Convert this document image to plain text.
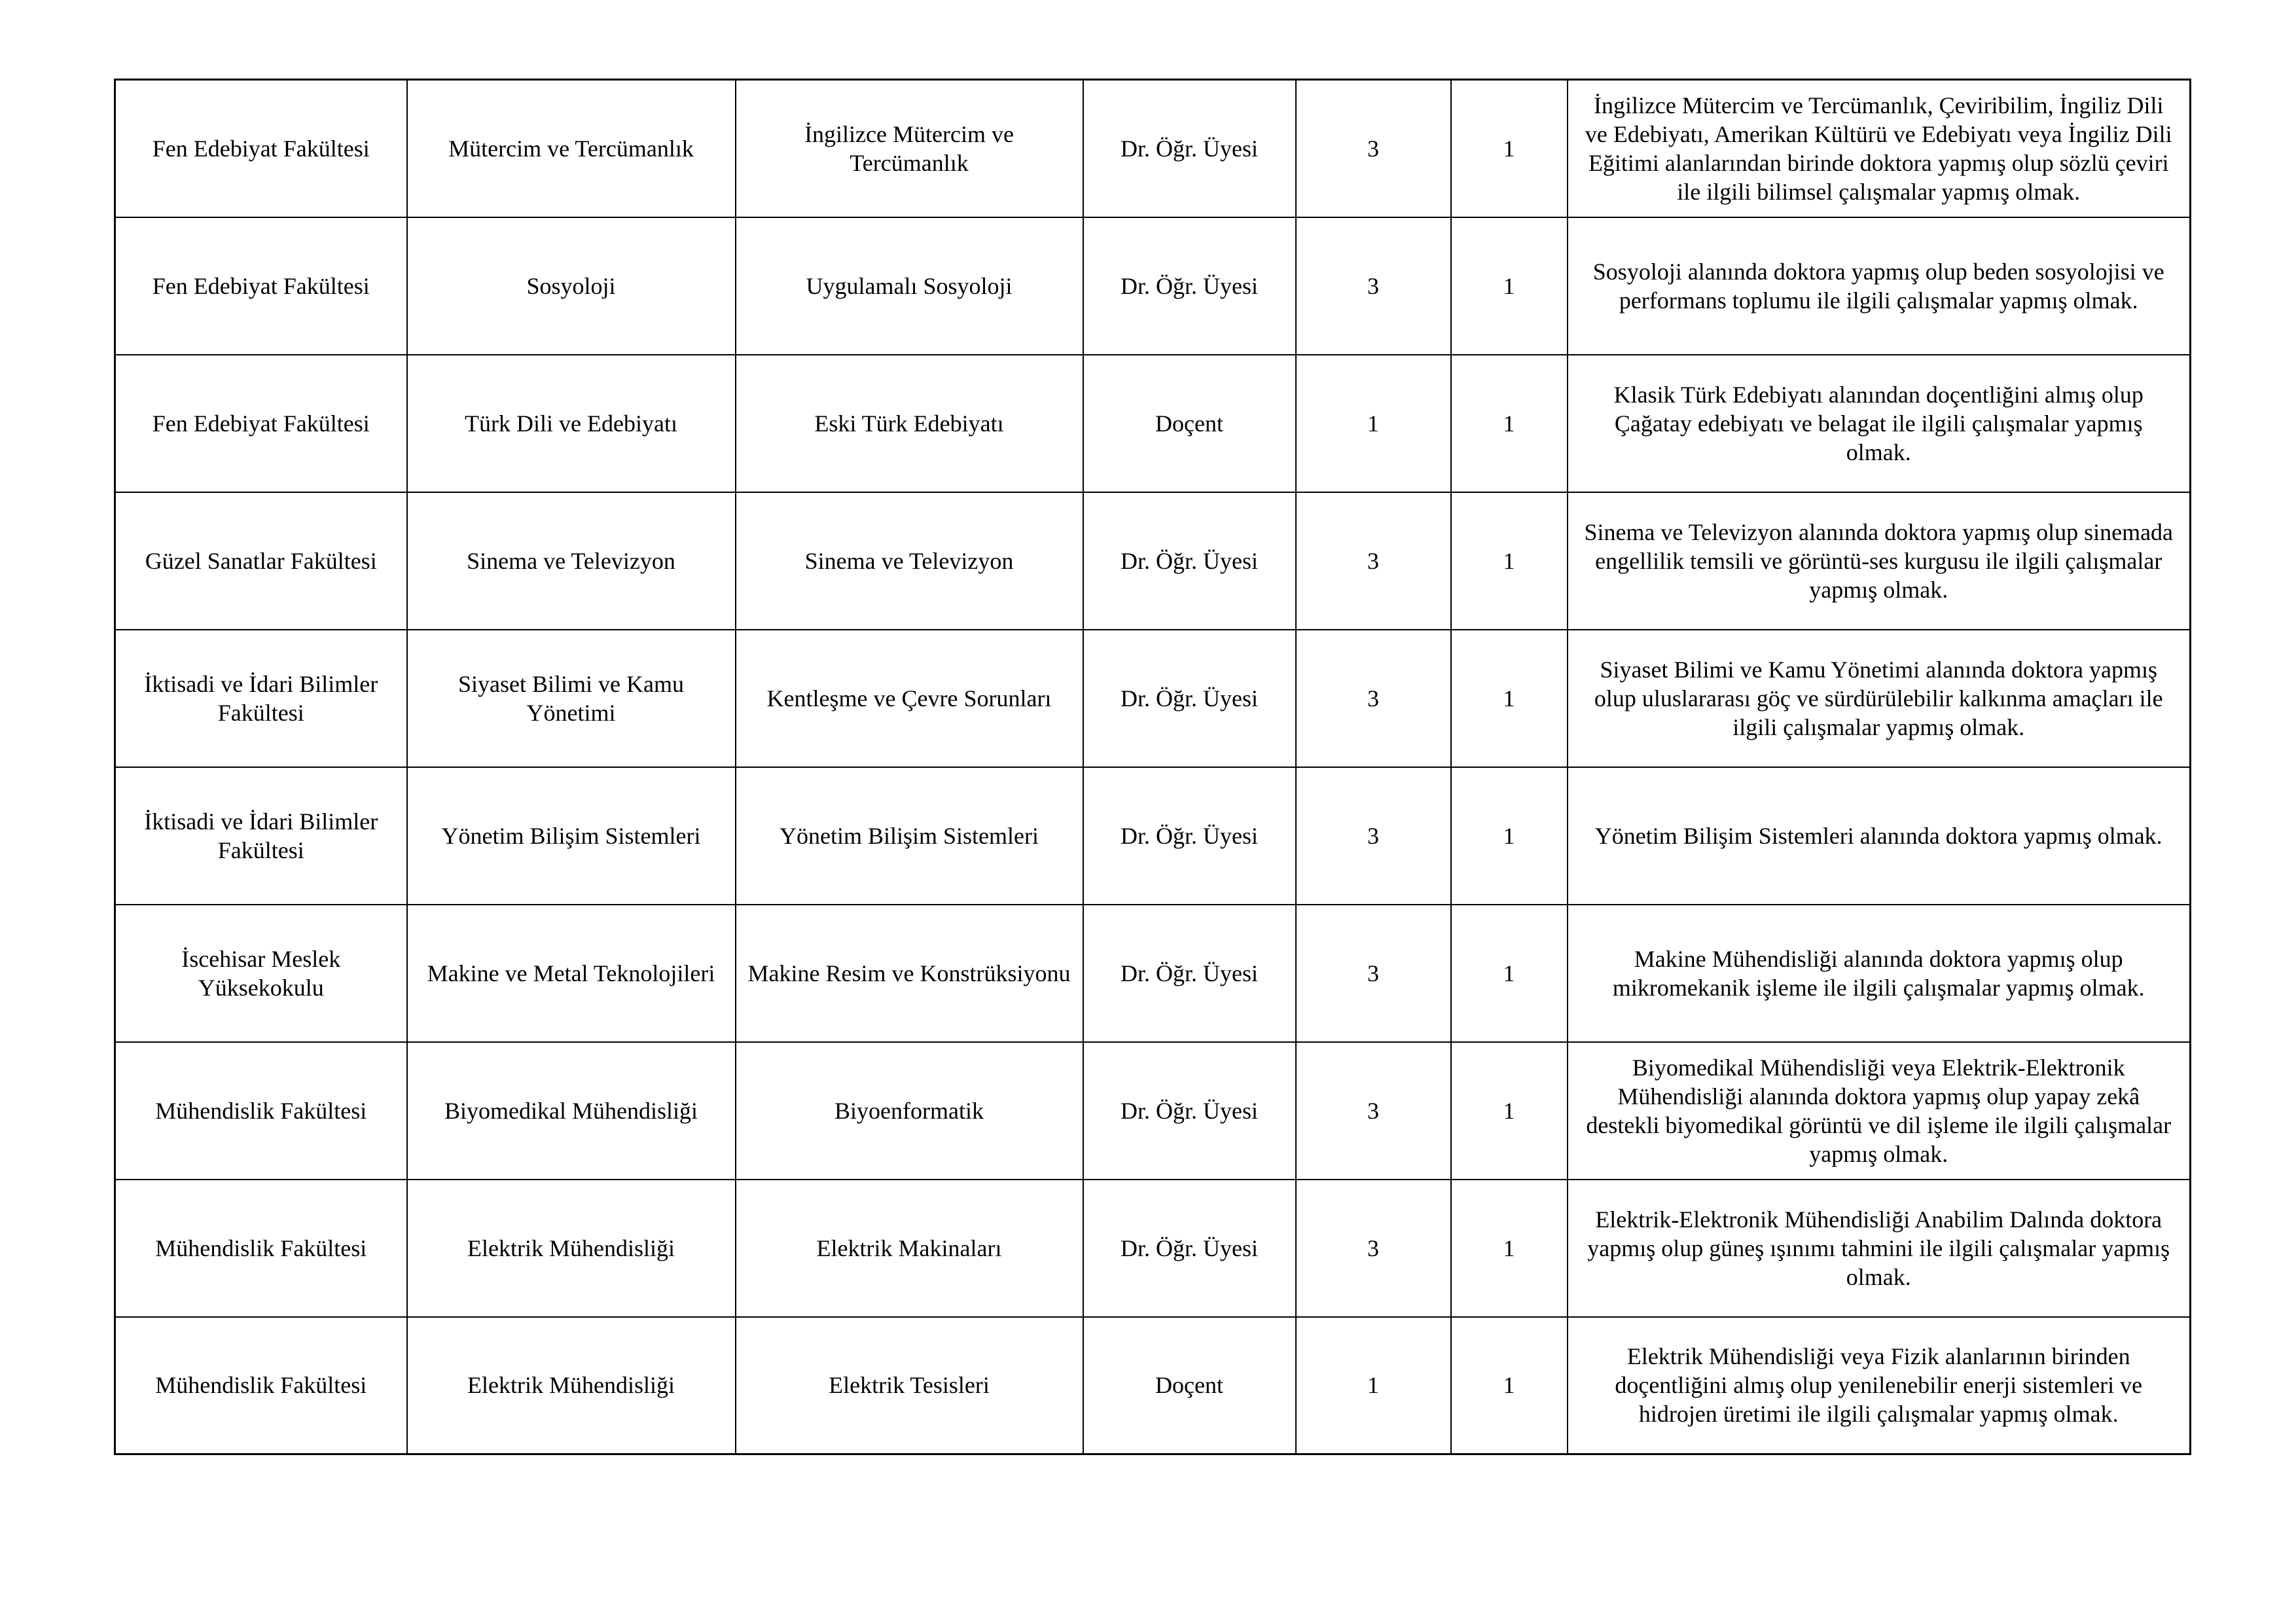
Fen Edebiyat Fakültesi	Mütercim ve Tercümanlık	İngilizce Mütercim ve Tercümanlık	Dr. Öğr. Üyesi	3	1	İngilizce Mütercim ve Tercümanlık, Çeviribilim, İngiliz Dili ve Edebiyatı, Amerikan Kültürü ve Edebiyatı veya İngiliz Dili Eğitimi alanlarından birinde doktora yapmış olup sözlü çeviri ile ilgili bilimsel çalışmalar yapmış olmak.
Fen Edebiyat Fakültesi	Sosyoloji	Uygulamalı Sosyoloji	Dr. Öğr. Üyesi	3	1	Sosyoloji alanında doktora yapmış olup beden sosyolojisi ve performans toplumu ile ilgili çalışmalar yapmış olmak.
Fen Edebiyat Fakültesi	Türk Dili ve Edebiyatı	Eski Türk Edebiyatı	Doçent	1	1	Klasik Türk Edebiyatı alanından doçentliğini almış olup Çağatay edebiyatı ve belagat ile ilgili çalışmalar yapmış olmak.
Güzel Sanatlar Fakültesi	Sinema ve Televizyon	Sinema ve Televizyon	Dr. Öğr. Üyesi	3	1	Sinema ve Televizyon alanında doktora yapmış olup sinemada engellilik temsili ve görüntü-ses kurgusu ile ilgili çalışmalar yapmış olmak.
İktisadi ve İdari Bilimler Fakültesi	Siyaset Bilimi ve Kamu Yönetimi	Kentleşme ve Çevre Sorunları	Dr. Öğr. Üyesi	3	1	Siyaset Bilimi ve Kamu Yönetimi alanında doktora yapmış olup uluslararası göç ve sürdürülebilir kalkınma amaçları ile ilgili çalışmalar yapmış olmak.
İktisadi ve İdari Bilimler Fakültesi	Yönetim Bilişim Sistemleri	Yönetim Bilişim Sistemleri	Dr. Öğr. Üyesi	3	1	Yönetim Bilişim Sistemleri alanında doktora yapmış olmak.
İscehisar Meslek Yüksekokulu	Makine ve Metal Teknolojileri	Makine Resim ve Konstrüksiyonu	Dr. Öğr. Üyesi	3	1	Makine Mühendisliği alanında doktora yapmış olup mikromekanik işleme ile ilgili çalışmalar yapmış olmak.
Mühendislik Fakültesi	Biyomedikal Mühendisliği	Biyoenformatik	Dr. Öğr. Üyesi	3	1	Biyomedikal Mühendisliği veya Elektrik-Elektronik Mühendisliği alanında doktora yapmış olup yapay zekâ destekli biyomedikal görüntü ve dil işleme ile ilgili çalışmalar yapmış olmak.
Mühendislik Fakültesi	Elektrik Mühendisliği	Elektrik Makinaları	Dr. Öğr. Üyesi	3	1	Elektrik-Elektronik Mühendisliği Anabilim Dalında doktora yapmış olup güneş ışınımı tahmini ile ilgili çalışmalar yapmış olmak.
Mühendislik Fakültesi	Elektrik Mühendisliği	Elektrik Tesisleri	Doçent	1	1	Elektrik Mühendisliği veya Fizik alanlarının birinden doçentliğini almış olup yenilenebilir enerji sistemleri ve hidrojen üretimi ile ilgili çalışmalar yapmış olmak.
